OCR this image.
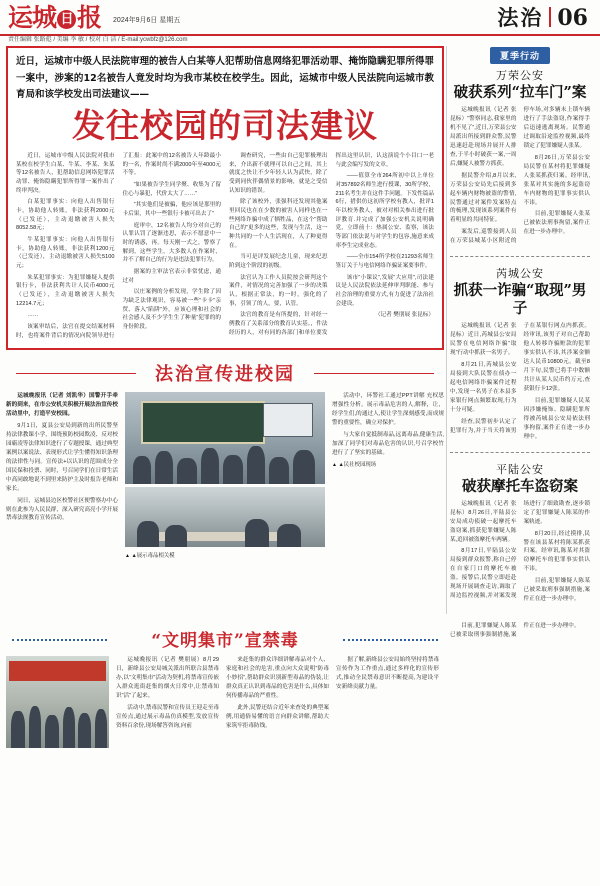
运城 日 报 2024年9月6日 星期五	法治 06
责任编辑 张路彪 / 美编 李 敏 / 校对 白 洁 / E-mail:ycwbfz@126.com
近日，运城市中级人民法院审理的被告人白某等人犯帮助信息网络犯罪活动罪、掩饰隐瞒犯罪所得罪一案中，涉案的12名被告人竟发时均为我市某校在校学生。因此，运城市中级人民法院向运城市教育局和该学校发出司法建议——
发往校园的司法建议

近日，运城市中级人民法院对我市某校在校学生白某、牛某、李某、朱某等12名被告人，犯帮助信息网络犯罪活动罪、掩饰隐瞒犯罪所得罪一案作出了终审判决。

白某犯罪事实：向他人出售银行卡，协助他人转账，非法获利2000元（已发还），主动退缴被害人损失8052.58元；

牛某犯罪事实：向他人出售银行卡，协助他人转账，非法获利1200元（已发还），主动退缴被害人损失5100元；

朱某犯罪事实：为犯罪嫌疑人提供银行卡，非法获利共计人民币4000元（已发还），主动退缴被害人损失12214.7元；

……

该案审结后，法官在提交结案材料时，也将案件背后的情况向院领导进行了汇报：此案中的12名被告人年龄最小的一名，作案时尚不满2000年至4000元不等。

“如果被告学生同学聚、收集为了留住心与暴犯，代价太大了……”

“其实他们是被骗，他应该是那里的卡后果，其中一些银行卡被可出去了”

庭审中，12名被告人均分对自己的认罪认罚了逐渐违思，表示不愿意中一时的诱惑，再。每天刚一式之，警察了解到，这些学生，大多数人在作案时，并不了解自己的行为是违法犯罪行为。

据案的主审法官表示非常忧虑，通过对

以庄案例的分析发现，学生除了因为缺乏法律观识，容易被一些“卡卡”亲贸、落入“陷阱”外，应该心理和社会的社会感人及不少学生生了种量“犯罪的的身份阶段。

调查研究，一些由自己犯罪极理出来，介出新不就理可以自己之间，其上就度之快让不少年轻人认为武快，除了受到同伙伴偶情景的影响，就是之受信认知识的错误。

除了该校外，张强科还发现其他案里回民也在在少数的被害人同样也在一些网络诈骗中成了牺牲品，在这个“帮助自己的”更多的这些，发现与生活，这一种共同的一个人生活现在，人了种更得在。

当可是评发展纪念儿童，现来纪思阶到这个阶段的初级。

法官认为工作人员院按会研判这个案件，对情况的完善加强了一步的决策认，根据正常法，的一时，强化的了事，引领了的人，要，认管。

法官的教育是有所提的，针对经一例教育了关系部分的教育认实基。，件法经历的人，对有同的各部门和单位要发挥出这里认识，认这演说个小目口一老与此会编写发的文章。

——值算全市264所初中以上单位对357892名师生进行授课，30所学校，211名考生并在这件手问题。下发性篇品6行，措供仿这初所学校有教人，批评1年以校务教人，被对对相关参出进行批评教育.并完成了加强公安机关说明确党，立即前十：热属公安、监察，该法等部门依法说与对学生的包容,施意来成率李生完成业态。

——全市154所学校在21293名师生签订关于与电信网络诈骗证案要事件。

该市“小课议”,发展“大应用”,司法建议是人民法院依法延伸审判职能、参与社会治理的重要方式,有力促进了法治社会建设。

（记者 樊朋展 张昆标）

法治宣传进校园

运城晚报讯（记者 刘凯华）国警开手牵新的到来，在市公安机关积极开展法治宣传校活动里中，打造平安校园。

9月1日，夏县公安局到新的出所民警坚持法律教课小学，围绕预防校园欺凌、反对校园霸凌等法律知识进行了专题授课，通过典型案例以案说法、表现形式让学生懂得知识条理的法律性与同。宣传法+以认识的范围成分全国民保和投票、同时，号召同学们在日常生活中高同敢地说不到里来防护主及时报告老师和家长。

同日，运城县边区校警社区便警察办中心则在此参为人民民群，深入研究高亮小学开展禁毒法规教育宣传活动。

▲ ▲展示毒品相关模

活动中，环警社工通过PPT讲解 充权思增强性分析，展示毒品危害的人,解释，让，经学生们,的通过人,使让学生深刻感受,而成规警的重要性，确立对保护。

与大家自觉抵制毒品,远离毒品,健康生活,加深了同学们对毒品危害的认识,号召学校竹进行了了坚实的基础。

▲ ▲民社校园现场
夏季行动
万荣公安
破获系列“拉车门”案

运城晚报讯（记者 张昆标）“警察同志,我家里的机不见了”,近日,万荣县公安局派出所接到群众警,民警迅速赶赴现场并展开人排查,于半小时破获一案,一周后,嫌疑人被警方抓获。

据民警介绍,8月以来,万荣县公安局先后接到多起车辆内财物被盗的警情,民警通过对案件发案特点的梳理,发现该系列案件有着明显的共同特征。

案发后,巡警接到人员在万荣县城某小区附近的停车场,对多辆未上锁车辆进行了手法盗窃,作案得手后迅速逃离现场。民警通过调取沿途监控视频,最终锁定了犯罪嫌疑人张某。

8月26日,万荣县公安局民警在某村将犯罪嫌疑人张某抓获归案。经审讯,张某对其实施的多起盗窃车内财物的犯罪事实供认不讳。

目前,犯罪嫌疑人张某已被依法刑事拘留,案件正在进一步办理中。

芮城公安
抓获一诈骗“取现”男子

运城晚报讯（记者 张昆标）近日,芮城县公安局民警在电信网络诈骗“取现”行动中抓获一名男子。

8月21日,芮城县公安局接到大队民警在侦办一起电信网络诈骗案件过程中,发现一名男子在本县多家银行网点频繁取现,行为十分可疑。

经查,民警初步认定了犯罪行为,并于当天将该男子在某银行网点内抓获。经审讯,该男子对自己帮助他人转移诈骗赃款的犯罪事实供认不讳,其涉案金额达人民币10800元。截至8月下旬,民警已将手中数额共计从某人民币约万元,查获银行卡12张。

目前,犯罪嫌疑人民某因涉嫌掩饰、隐瞒犯罪所得被芮城县公安局依法刑事拘留,案件正在进一步办理中。

平陆公安
破获摩托车盗窃案

运城晚报讯（记者 张昆标）8月26日,平陆县公安局成功侦破一起摩托车盗窃案,抓获犯罪嫌疑人陈某,追回被盗摩托车两辆。

8月17日,平陆县公安局接到群众报警,称自己停在自家门口的摩托车被盗。接警后,民警立即赶赴现场开展调查走访,调取了周边监控视频,并对案发现场进行了细致勘查,逐步锁定了犯罪嫌疑人陈某的作案轨迹。

8月20日,经过摸排,民警在该县某村将陈某抓获归案。经审讯,陈某对其盗窃摩托车的犯罪事实供认不讳。

目前,犯罪嫌疑人陈某已被采取刑事强制措施,案件正在进一步办理中。

“文明集市”宣禁毒

运城晚报讯（记者 樊朋展）8月29日，新绛县公安局城关派出所联合县禁毒办,以“文明集市”活动为契机,将禁毒宣传嵌入群众逛街赶集的烟火日常中,让禁毒知识“活”了起来。

活动中,禁毒民警和宣传员王迎走至毒宣传点,通过展示毒品仿真模型,发放宣传资料百余份,现场解答咨询,向前

来赶集的群众详细讲解毒品对个人、家庭和社会的危害,重点向大众说明“防毒小妙招”,帮助群众识别新型毒品的伪装,让群众真正认识到毒品的危害是什么,具体如何传播毒品的严重性。

此外,民警还结合近年来查处的典型案例,用通俗易懂的语言向群众讲解,帮助大家筑牢拒毒防线。

据了解,新绛县公安局始终坚持将禁毒宣传作为工作重点,通过多样化的宣传形式,推动全民禁毒意识不断提高,为建设平安新绛贡献力量。

目前,犯罪嫌疑人陈某已被采取刑事强制措施,案件正在进一步办理中。
